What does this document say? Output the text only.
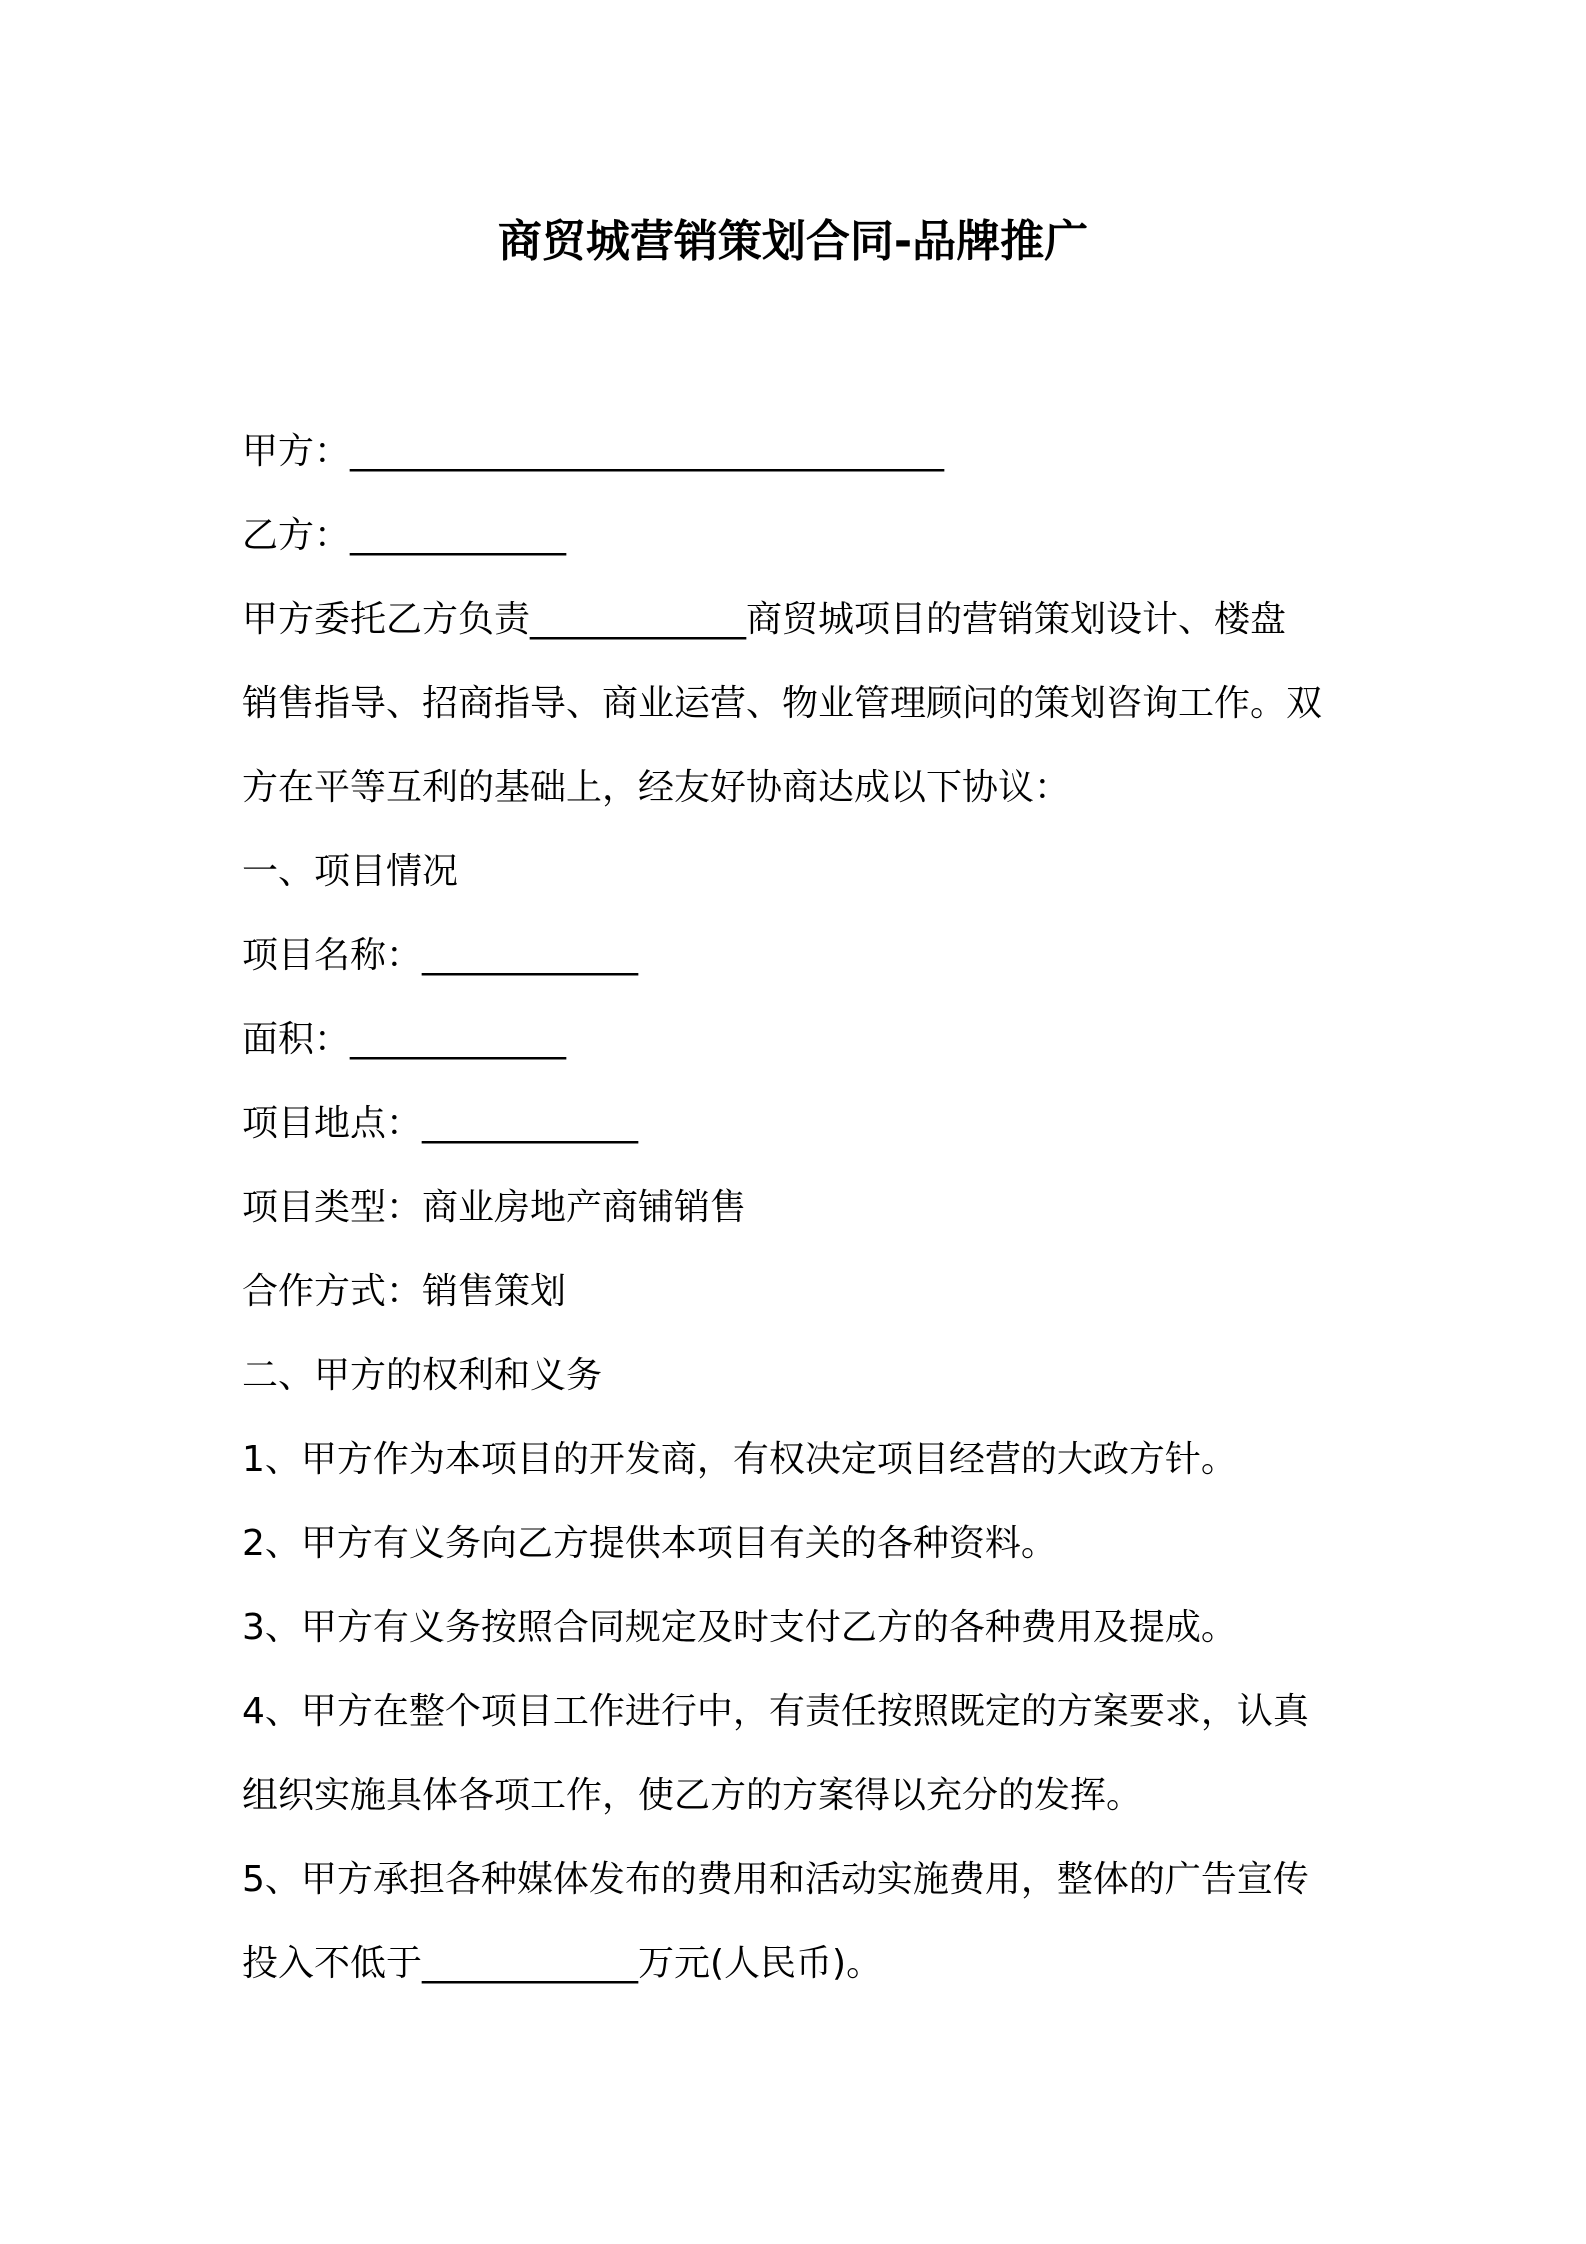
商贸城营销策划合同-品牌推广
甲方：_________________________________
乙方：____________
甲方委托乙方负责____________商贸城项目的营销策划设计、楼盘
销售指导、招商指导、商业运营、物业管理顾问的策划咨询工作。双
方在平等互利的基础上，经友好协商达成以下协议：
一、项目情况
项目名称：____________
面积：____________
项目地点：____________
项目类型：商业房地产商铺销售
合作方式：销售策划
二、甲方的权利和义务
1、甲方作为本项目的开发商，有权决定项目经营的大政方针。
2、甲方有义务向乙方提供本项目有关的各种资料。
3、甲方有义务按照合同规定及时支付乙方的各种费用及提成。
4、甲方在整个项目工作进行中，有责任按照既定的方案要求，认真
组织实施具体各项工作，使乙方的方案得以充分的发挥。
5、甲方承担各种媒体发布的费用和活动实施费用，整体的广告宣传
投入不低于____________万元(人民币)。
